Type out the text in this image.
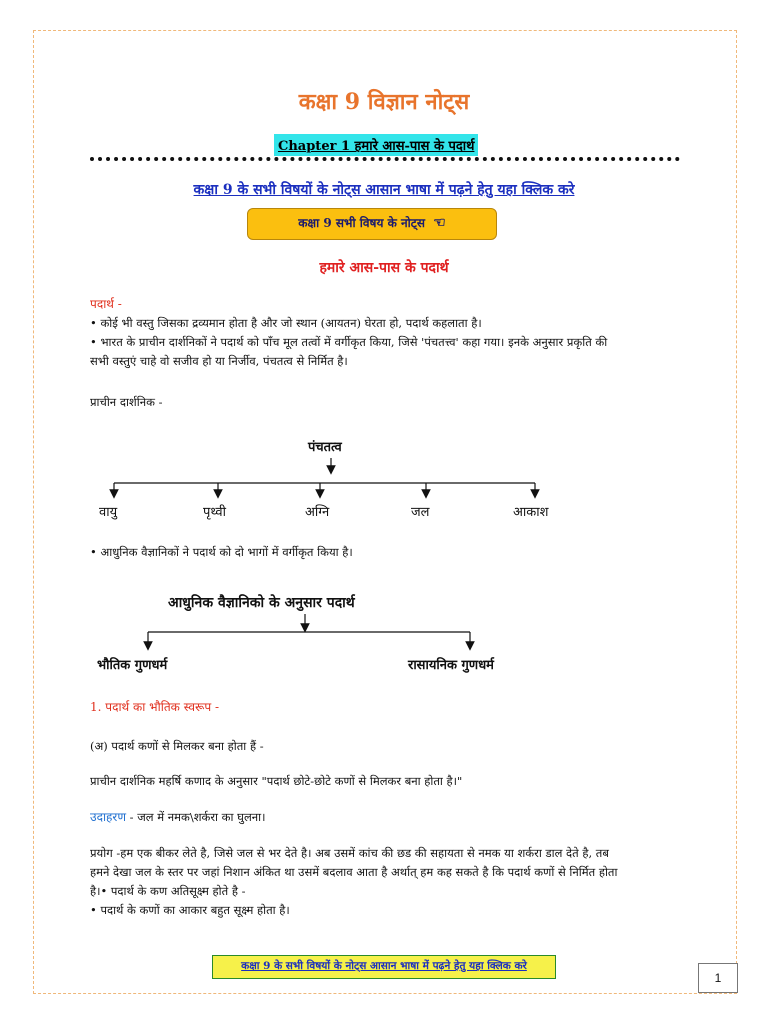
कक्षा 9 विज्ञान नोट्स
Chapter 1 हमारे आस-पास के पदार्थ
कक्षा 9 के सभी विषयों के नोट्स आसान भाषा में पढ़ने हेतु यहा क्लिक करे
कक्षा 9 सभी विषय के नोट्स ☜
हमारे आस-पास के पदार्थ
पदार्थ -
• कोई भी वस्तु जिसका द्रव्यमान होता है और जो स्थान (आयतन) घेरता हो, पदार्थ कहलाता है।
• भारत के प्राचीन दार्शनिकों ने पदार्थ को पाँच मूल तत्वों में वर्गीकृत किया, जिसे 'पंचतत्त्व' कहा गया। इनके अनुसार प्रकृति की
सभी वस्तुएं चाहे वो सजीव हो या निर्जीव, पंचतत्व से निर्मित है।
प्राचीन दार्शनिक -
पंचतत्व
वायु	पृथ्वी	अग्नि	जल	आकाश
• आधुनिक वैज्ञानिकों ने पदार्थ को दो भागों में वर्गीकृत किया है।
आधुनिक वैज्ञानिको के अनुसार पदार्थ
भौतिक गुणधर्म	रासायनिक गुणधर्म
1. पदार्थ का भौतिक स्वरूप -
(अ) पदार्थ कणों से मिलकर बना होता हैं -
प्राचीन दार्शनिक महर्षि कणाद के अनुसार "पदार्थ छोटे-छोटे कणों से मिलकर बना होता है।"
उदाहरण - जल में नमक\शर्करा का घुलना।
प्रयोग -हम एक बीकर लेते है, जिसे जल से भर देते है। अब उसमें कांच की छड की सहायता से नमक या शर्करा डाल देते है, तब
हमने देखा जल के स्तर पर जहां निशान अंकित था उसमें बदलाव आता है अर्थात् हम कह सकते है कि पदार्थ कणों से निर्मित होता
है।• पदार्थ के कण अतिसूक्ष्म होते है -
• पदार्थ के कणों का आकार बहुत सूक्ष्म होता है।
कक्षा 9 के सभी विषयों के नोट्स आसान भाषा में पढ़ने हेतु यहा क्लिक करे
1
